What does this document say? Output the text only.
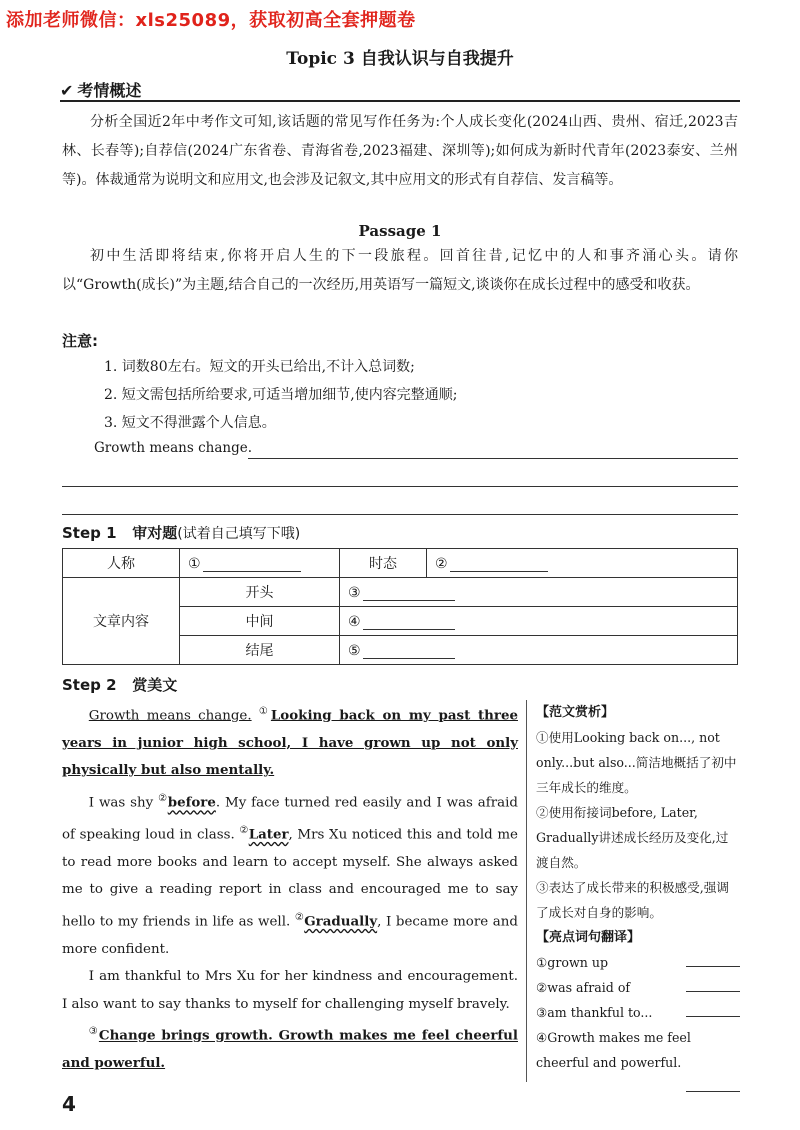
添加老师微信：xls25089，获取初高全套押题卷
Topic 3 自我认识与自我提升
✔ 考情概述
分析全国近2年中考作文可知,该话题的常见写作任务为:个人成长变化(2024山西、贵州、宿迁,2023吉林、长春等);自荐信(2024广东省卷、青海省卷,2023福建、深圳等);如何成为新时代青年(2023泰安、兰州等)。体裁通常为说明文和应用文,也会涉及记叙文,其中应用文的形式有自荐信、发言稿等。
Passage 1
初中生活即将结束,你将开启人生的下一段旅程。回首往昔,记忆中的人和事齐涌心头。请你以“Growth(成长)”为主题,结合自己的一次经历,用英语写一篇短文,谈谈你在成长过程中的感受和收获。
注意:
1. 词数80左右。短文的开头已给出,不计入总词数;
2. 短文需包括所给要求,可适当增加细节,使内容完整通顺;
3. 短文不得泄露个人信息。
Growth means change.
Step 1 审对题(试着自己填写下哦)
人称	①	时态	②
文章内容	开头	③	
	中间	④	
	结尾	⑤	
Step 2 赏美文

Growth means change. ①Looking back on my past three years in junior high school, I have grown up not only physically but also mentally.

I was shy ②before. My face turned red easily and I was afraid of speaking loud in class. ②Later, Mrs Xu noticed this and told me to read more books and learn to accept myself. She always asked me to give a reading report in class and encouraged me to say hello to my friends in life as well. ②Gradually, I became more and more confident.

I am thankful to Mrs Xu for her kindness and encouragement. I also want to say thanks to myself for challenging myself bravely.

③Change brings growth. Growth makes me feel cheerful and powerful.

【范文赏析】
①使用Looking back on..., not only...but also...简洁地概括了初中三年成长的维度。
②使用衔接词before, Later, Gradually讲述成长经历及变化,过渡自然。
③表达了成长带来的积极感受,强调了成长对自身的影响。
【亮点词句翻译】
①grown up
②was afraid of
③am thankful to...
④Growth makes me feel cheerful and powerful.
4
